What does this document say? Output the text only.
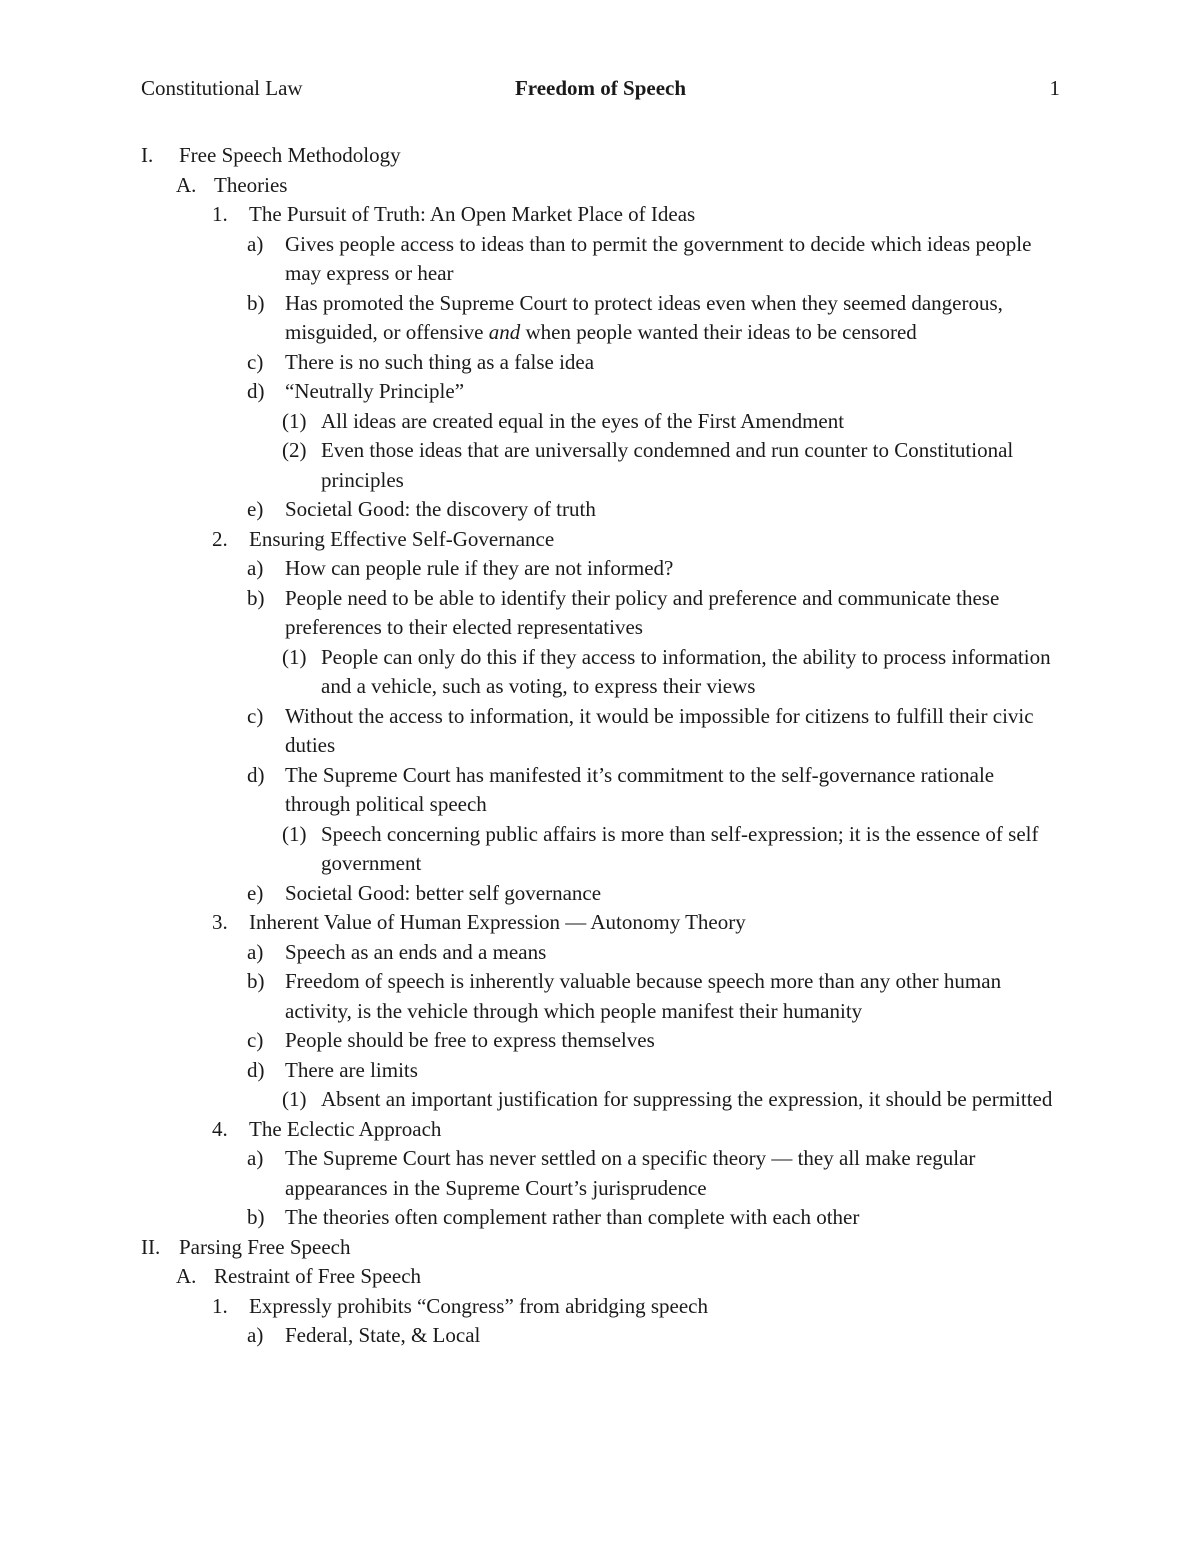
Constitutional Law	Freedom of Speech	1
I. Free Speech Methodology
A. Theories
1. The Pursuit of Truth: An Open Market Place of Ideas
a) Gives people access to ideas than to permit the government to decide which ideas people may express or hear
b) Has promoted the Supreme Court to protect ideas even when they seemed dangerous, misguided, or offensive and when people wanted their ideas to be censored
c) There is no such thing as a false idea
d) “Neutrally Principle”
(1) All ideas are created equal in the eyes of the First Amendment
(2) Even those ideas that are universally condemned and run counter to Constitutional principles
e) Societal Good: the discovery of truth
2. Ensuring Effective Self-Governance
a) How can people rule if they are not informed?
b) People need to be able to identify their policy and preference and communicate these preferences to their elected representatives
(1) People can only do this if they access to information, the ability to process information and a vehicle, such as voting, to express their views
c) Without the access to information, it would be impossible for citizens to fulfill their civic duties
d) The Supreme Court has manifested it’s commitment to the self-governance rationale through political speech
(1) Speech concerning public affairs is more than self-expression; it is the essence of self government
e) Societal Good: better self governance
3. Inherent Value of Human Expression — Autonomy Theory
a) Speech as an ends and a means
b) Freedom of speech is inherently valuable because speech more than any other human activity, is the vehicle through which people manifest their humanity
c) People should be free to express themselves
d) There are limits
(1) Absent an important justification for suppressing the expression, it should be permitted
4. The Eclectic Approach
a) The Supreme Court has never settled on a specific theory — they all make regular appearances in the Supreme Court’s jurisprudence
b) The theories often complement rather than complete with each other
II. Parsing Free Speech
A. Restraint of Free Speech
1. Expressly prohibits “Congress” from abridging speech
a) Federal, State, & Local
